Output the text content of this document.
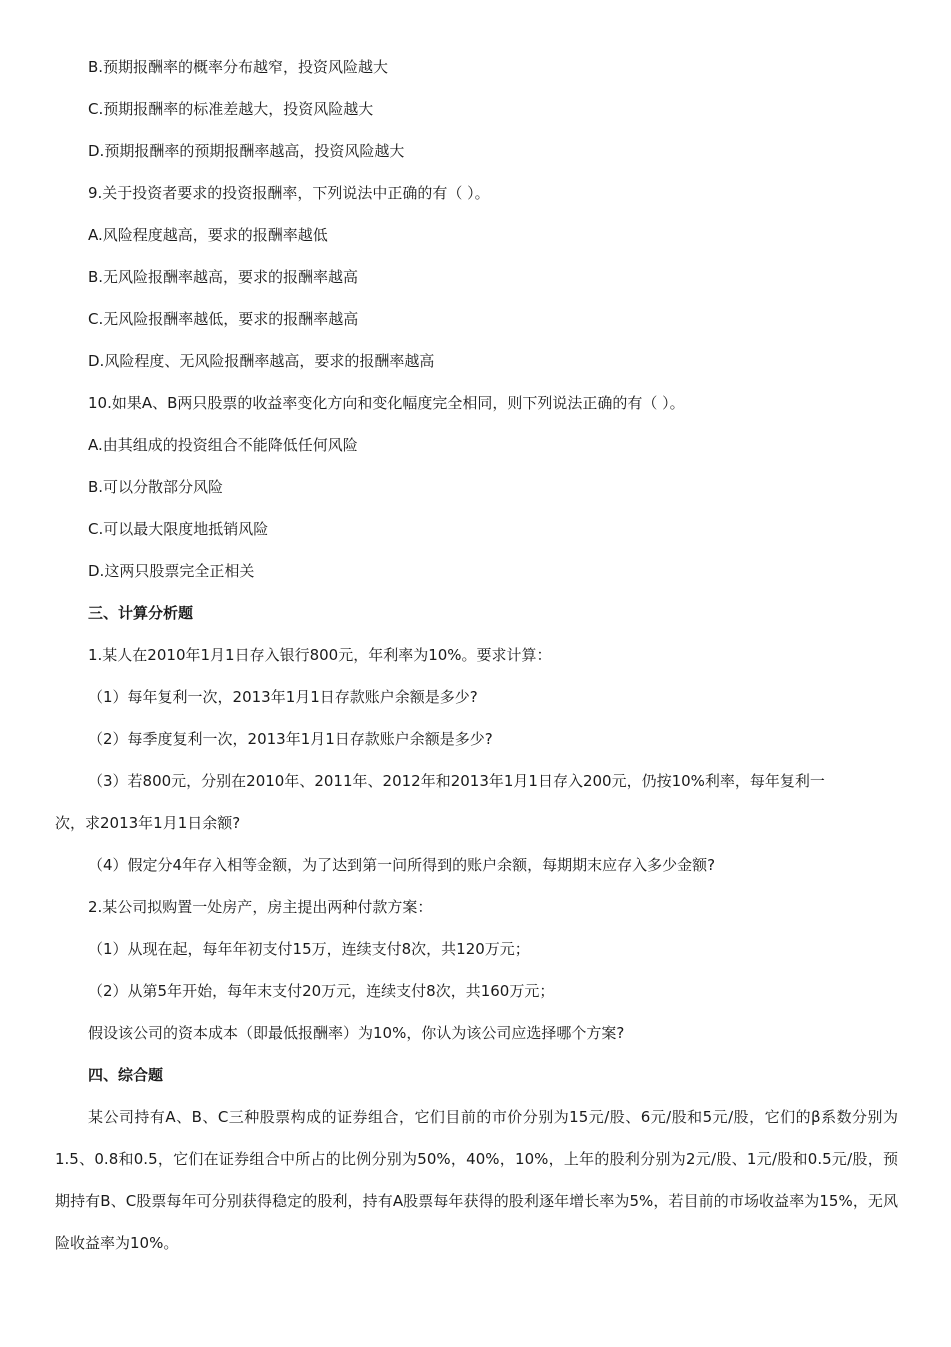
B.预期报酬率的概率分布越窄，投资风险越大
C.预期报酬率的标准差越大，投资风险越大
D.预期报酬率的预期报酬率越高，投资风险越大
9.关于投资者要求的投资报酬率，下列说法中正确的有（ ）。
A.风险程度越高，要求的报酬率越低
B.无风险报酬率越高，要求的报酬率越高
C.无风险报酬率越低，要求的报酬率越高
D.风险程度、无风险报酬率越高，要求的报酬率越高
10.如果A、B两只股票的收益率变化方向和变化幅度完全相同，则下列说法正确的有（ ）。
A.由其组成的投资组合不能降低任何风险
B.可以分散部分风险
C.可以最大限度地抵销风险
D.这两只股票完全正相关
三、计算分析题
1.某人在2010年1月1日存入银行800元，年利率为10%。要求计算：
（1）每年复利一次，2013年1月1日存款账户余额是多少?
（2）每季度复利一次，2013年1月1日存款账户余额是多少?
（3）若800元，分别在2010年、2011年、2012年和2013年1月1日存入200元，仍按10%利率，每年复利一
次，求2013年1月1日余额?
（4）假定分4年存入相等金额，为了达到第一问所得到的账户余额，每期期末应存入多少金额?
2.某公司拟购置一处房产，房主提出两种付款方案：
（1）从现在起，每年年初支付15万，连续支付8次，共120万元；
（2）从第5年开始，每年末支付20万元，连续支付8次，共160万元；
假设该公司的资本成本（即最低报酬率）为10%，你认为该公司应选择哪个方案?
四、综合题
某公司持有A、B、C三种股票构成的证券组合，它们目前的市价分别为15元/股、6元/股和5元/股，它们的β系数分别为1.5、0.8和0.5，它们在证券组合中所占的比例分别为50%，40%，10%，上年的股利分别为2元/股、1元/股和0.5元/股，预期持有B、C股票每年可分别获得稳定的股利，持有A股票每年获得的股利逐年增长率为5%，若目前的市场收益率为15%，无风险收益率为10%。
